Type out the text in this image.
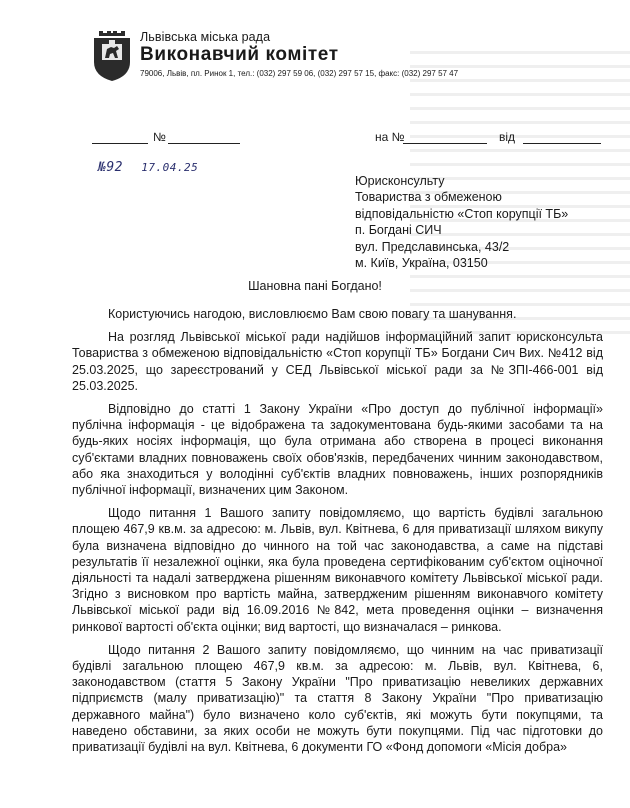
Львівська міська рада
Виконавчий комітет
79006, Львів, пл. Ринок 1, тел.: (032) 297 59 06, (032) 297 57 15, факс: (032) 297 57 47
№	на №	від
№92 17.04.25
Юрисконсульту
Товариства з обмеженою
відповідальністю «Стоп корупції ТБ»
п. Богдані СИЧ
вул. Предславинська, 43/2
м. Київ, Україна, 03150
Шановна пані Богдано!

Користуючись нагодою, висловлюємо Вам свою повагу та шанування.

На розгляд Львівської міської ради надійшов інформаційний запит юрисконсульта Товариства з обмеженою відповідальністю «Стоп корупції ТБ» Богдани Сич Вих. №412 від 25.03.2025, що зареєстрований у СЕД Львівської міської ради за №ЗПІ-466-001 від 25.03.2025.

Відповідно до статті 1 Закону України «Про доступ до публічної інформації» публічна інформація - це відображена та задокументована будь-якими засобами та на будь-яких носіях інформація, що була отримана або створена в процесі виконання суб'єктами владних повноважень своїх обов'язків, передбачених чинним законодавством, або яка знаходиться у володінні суб'єктів владних повноважень, інших розпорядників публічної інформації, визначених цим Законом.

Щодо питання 1 Вашого запиту повідомляємо, що вартість будівлі загальною площею 467,9 кв.м. за адресою: м. Львів, вул. Квітнева, 6 для приватизації шляхом викупу була визначена відповідно до чинного на той час законодавства, а саме на підставі результатів її незалежної оцінки, яка була проведена сертифікованим суб'єктом оціночної діяльності та надалі затверджена рішенням виконавчого комітету Львівської міської ради. Згідно з висновком про вартість майна, затвердженим рішенням виконавчого комітету Львівської міської ради від 16.09.2016 №842, мета проведення оцінки – визначення ринкової вартості об'єкта оцінки; вид вартості, що визначалася – ринкова.

Щодо питання 2 Вашого запиту повідомляємо, що чинним на час приватизації будівлі загальною площею 467,9 кв.м. за адресою: м. Львів, вул. Квітнева, 6, законодавством (стаття 5 Закону України "Про приватизацію невеликих державних підприємств (малу приватизацію)" та стаття 8 Закону України "Про приватизацію державного майна") було визначено коло суб'єктів, які можуть бути покупцями, та наведено обставини, за яких особи не можуть бути покупцями. Під час підготовки до приватизації будівлі на вул. Квітнева, 6 документи ГО «Фонд допомоги «Місія добра»
